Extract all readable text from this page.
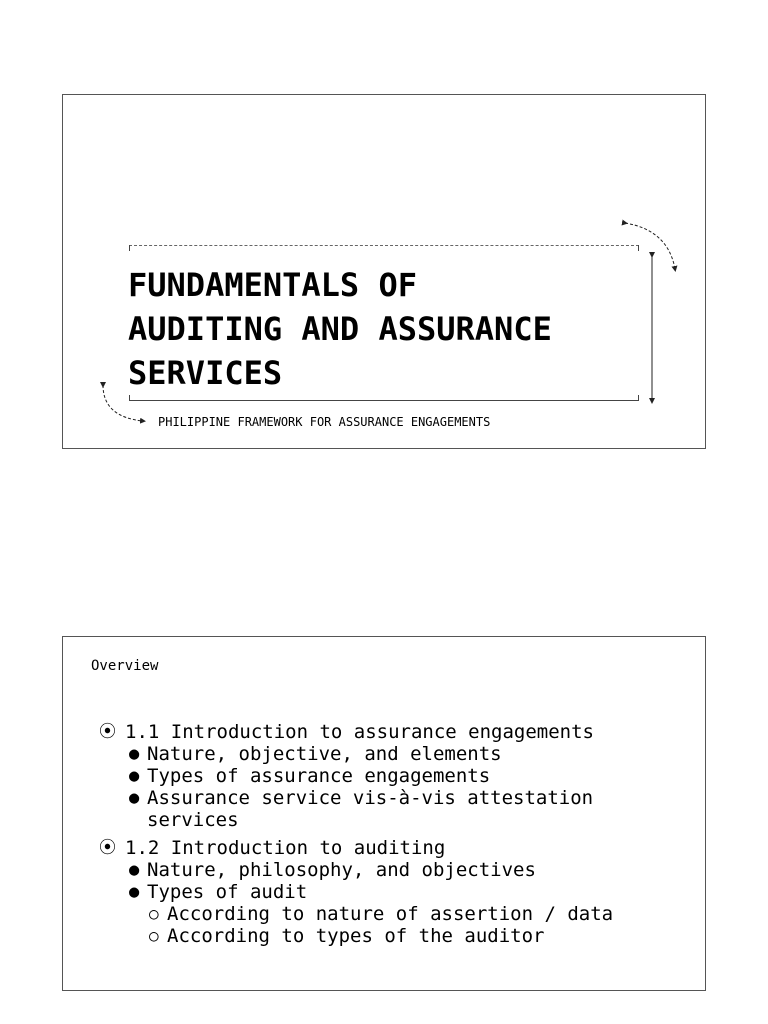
FUNDAMENTALS OF
AUDITING AND ASSURANCE
SERVICES
PHILIPPINE FRAMEWORK FOR ASSURANCE ENGAGEMENTS
Overview
⦿ 1.1 Introduction to assurance engagements
● Nature, objective, and elements
● Types of assurance engagements
● Assurance service vis-à-vis attestation services
⦿ 1.2 Introduction to auditing
● Nature, philosophy, and objectives
● Types of audit
○ According to nature of assertion / data
○ According to types of the auditor
